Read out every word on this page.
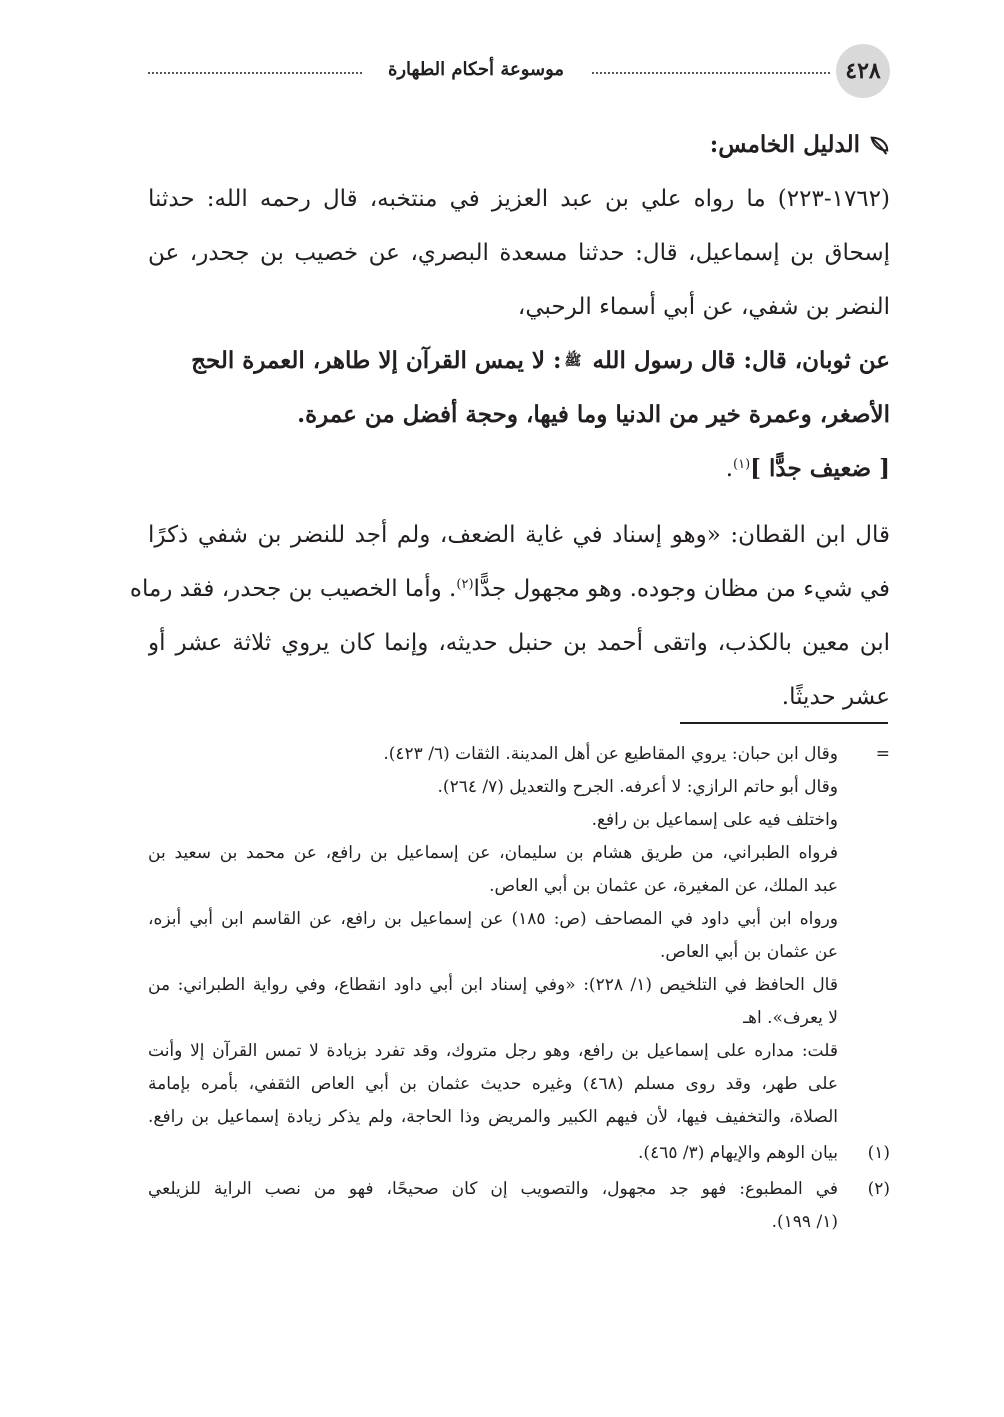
٤٢٨
موسوعة أحكام الطهارة
الدليل الخامس:
(١٧٦٢-٢٢٣) ما رواه علي بن عبد العزيز في منتخبه، قال رحمه الله: حدثنا
إسحاق بن إسماعيل، قال: حدثنا مسعدة البصري، عن خصيب بن جحدر، عن
النضر بن شفي، عن أبي أسماء الرحبي،
عن ثوبان، قال: قال رسول الله ﷺ: لا يمس القرآن إلا طاهر، العمرة الحج
الأصغر، وعمرة خير من الدنيا وما فيها، وحجة أفضل من عمرة.
[ ضعيف جدًّا ]$^{(١)}$.
قال ابن القطان: «وهو إسناد في غاية الضعف، ولم أجد للنضر بن شفي ذكرًا
في شيء من مظان وجوده. وهو مجهول جدًّا$^{(٢)}$. وأما الخصيب بن جحدر، فقد رماه
ابن معين بالكذب، واتقى أحمد بن حنبل حديثه، وإنما كان يروي ثلاثة عشر أو
عشر حديثًا.
=
وقال ابن حبان: يروي المقاطيع عن أهل المدينة. الثقات (٦/ ٤٢٣).
وقال أبو حاتم الرازي: لا أعرفه. الجرح والتعديل (٧/ ٢٦٤).
واختلف فيه على إسماعيل بن رافع.
فرواه الطبراني، من طريق هشام بن سليمان، عن إسماعيل بن رافع، عن محمد بن سعيد بن
عبد الملك، عن المغيرة، عن عثمان بن أبي العاص.
ورواه ابن أبي داود في المصاحف (ص: ١٨٥) عن إسماعيل بن رافع، عن القاسم ابن أبي أبزه،
عن عثمان بن أبي العاص.
قال الحافظ في التلخيص (١/ ٢٢٨): «وفي إسناد ابن أبي داود انقطاع، وفي رواية الطبراني: من
لا يعرف». اهـ
قلت: مداره على إسماعيل بن رافع، وهو رجل متروك، وقد تفرد بزيادة لا تمس القرآن إلا وأنت
على طهر، وقد روى مسلم (٤٦٨) وغيره حديث عثمان بن أبي العاص الثقفي، بأمره بإمامة
الصلاة، والتخفيف فيها، لأن فيهم الكبير والمريض وذا الحاجة، ولم يذكر زيادة إسماعيل بن رافع.
(١)
بيان الوهم والإيهام (٣/ ٤٦٥).
(٢)
في المطبوع: فهو جد مجهول، والتصويب إن كان صحيحًا، فهو من نصب الراية للزيلعي
(١/ ١٩٩).
